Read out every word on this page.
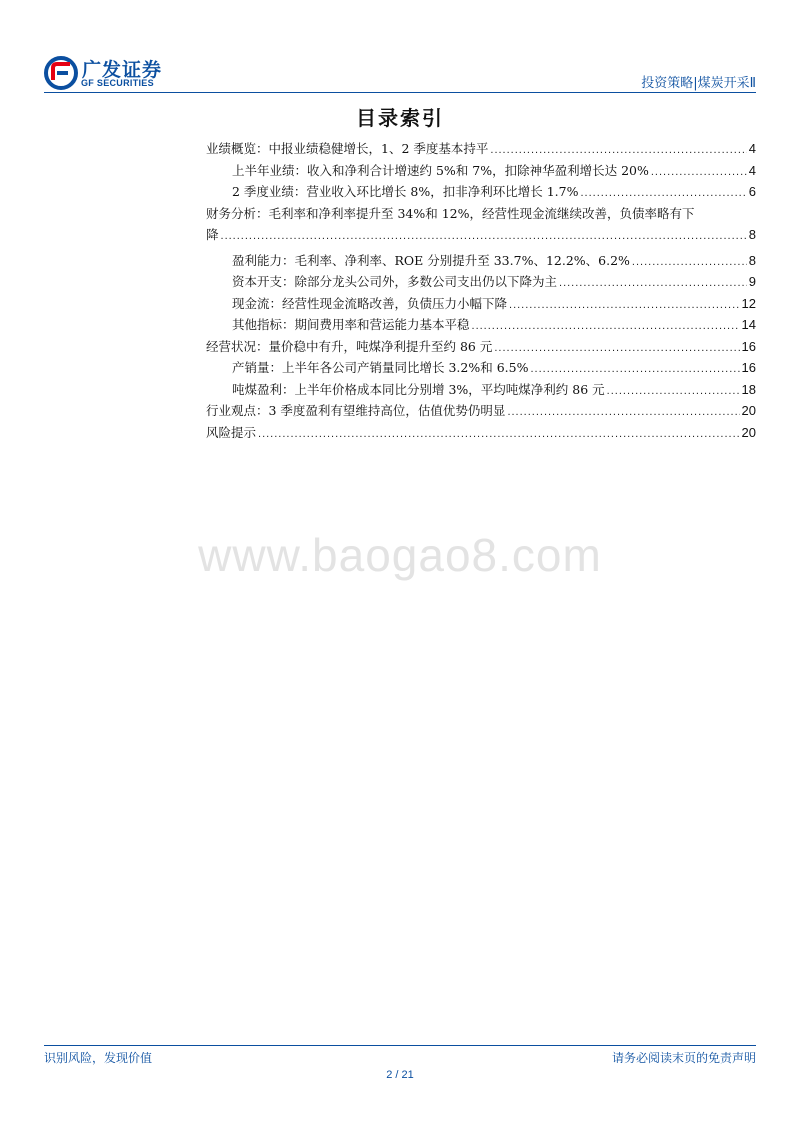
广发证券
GF SECURITIES	投资策略|煤炭开采Ⅱ
目录索引
业绩概览：中报业绩稳健增长，1、2 季度基本持平 .....	4
上半年业绩：收入和净利合计增速约 5%和 7%，扣除神华盈利增长达 20% .....	4
2 季度业绩：营业收入环比增长 8%，扣非净利环比增长 1.7% .....	6
财务分析：毛利率和净利率提升至 34%和 12%，经营性现金流继续改善，负债率略有下
降 .....	8
盈利能力：毛利率、净利率、ROE 分别提升至 33.7%、12.2%、6.2% .....	8
资本开支：除部分龙头公司外，多数公司支出仍以下降为主 .....	9
现金流：经营性现金流略改善，负债压力小幅下降 .....	12
其他指标：期间费用率和营运能力基本平稳 .....	14
经营状况：量价稳中有升，吨煤净利提升至约 86 元 .....	16
产销量：上半年各公司产销量同比增长 3.2%和 6.5% .....	16
吨煤盈利：上半年价格成本同比分别增 3%，平均吨煤净利约 86 元 .....	18
行业观点：3 季度盈利有望维持高位，估值优势仍明显 .....	20
风险提示 .....	20
www.baogao8.com
识别风险，发现价值	请务必阅读末页的免责声明
2 / 21
